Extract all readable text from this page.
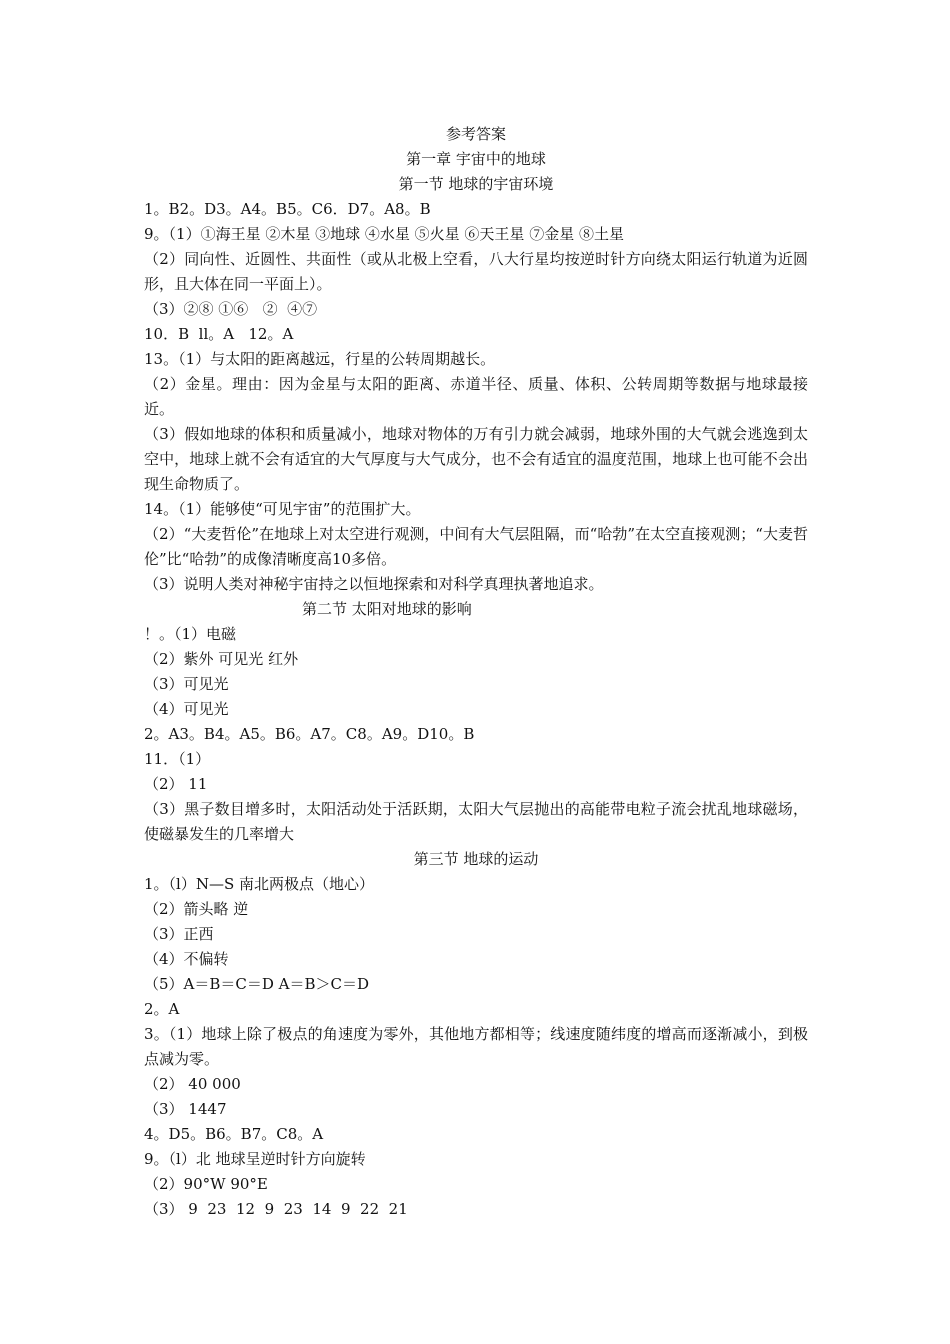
参考答案
第一章 宇宙中的地球
第一节 地球的宇宙环境
1。B2。D3。A4。B5。C6．D7。A8。B
9。（1）①海王星 ②木星 ③地球 ④水星 ⑤火星 ⑥天王星 ⑦金星 ⑧土星
（2）同向性、近圆性、共面性（或从北极上空看，八大行星均按逆时针方向绕太阳运行轨道为近圆形，且大体在同一平面上）。
（3）②⑧ ①⑥   ②  ④⑦
10．B  ll。A   12。A
13。（1）与太阳的距离越远，行星的公转周期越长。
（2）金星。理由：因为金星与太阳的距离、赤道半径、质量、体积、公转周期等数据与地球最接近。
（3）假如地球的体积和质量减小，地球对物体的万有引力就会减弱，地球外围的大气就会逃逸到太空中，地球上就不会有适宜的大气厚度与大气成分，也不会有适宜的温度范围，地球上也可能不会出现生命物质了。
14。（1）能够使“可见宇宙”的范围扩大。
（2）“大麦哲伦”在地球上对太空进行观测，中间有大气层阻隔，而“哈勃”在太空直接观测；“大麦哲伦”比“哈勃”的成像清晰度高10多倍。
（3）说明人类对神秘宇宙持之以恒地探索和对科学真理执著地追求。
第二节 太阳对地球的影响
！。（1）电磁
（2）紫外 可见光 红外
（3）可见光
（4）可见光
2。A3。B4。A5。B6。A7。C8。A9。D10。B
11．（1）
（2） 11
（3）黑子数目增多时，太阳活动处于活跃期，太阳大气层抛出的高能带电粒子流会扰乱地球磁场，使磁暴发生的几率增大
第三节 地球的运动
1。（l）N—S 南北两极点（地心）
（2）箭头略 逆
（3）正西
（4）不偏转
（5）A＝B＝C＝D A＝B＞C＝D
2。A
3。（1）地球上除了极点的角速度为零外，其他地方都相等；线速度随纬度的增高而逐渐减小，到极点减为零。
（2） 40 000
（3） 1447
4。D5。B6。B7。C8。A
9。（l）北 地球呈逆时针方向旋转
（2）90°W 90°E
（3） 9  23  12  9  23  14  9  22  21
